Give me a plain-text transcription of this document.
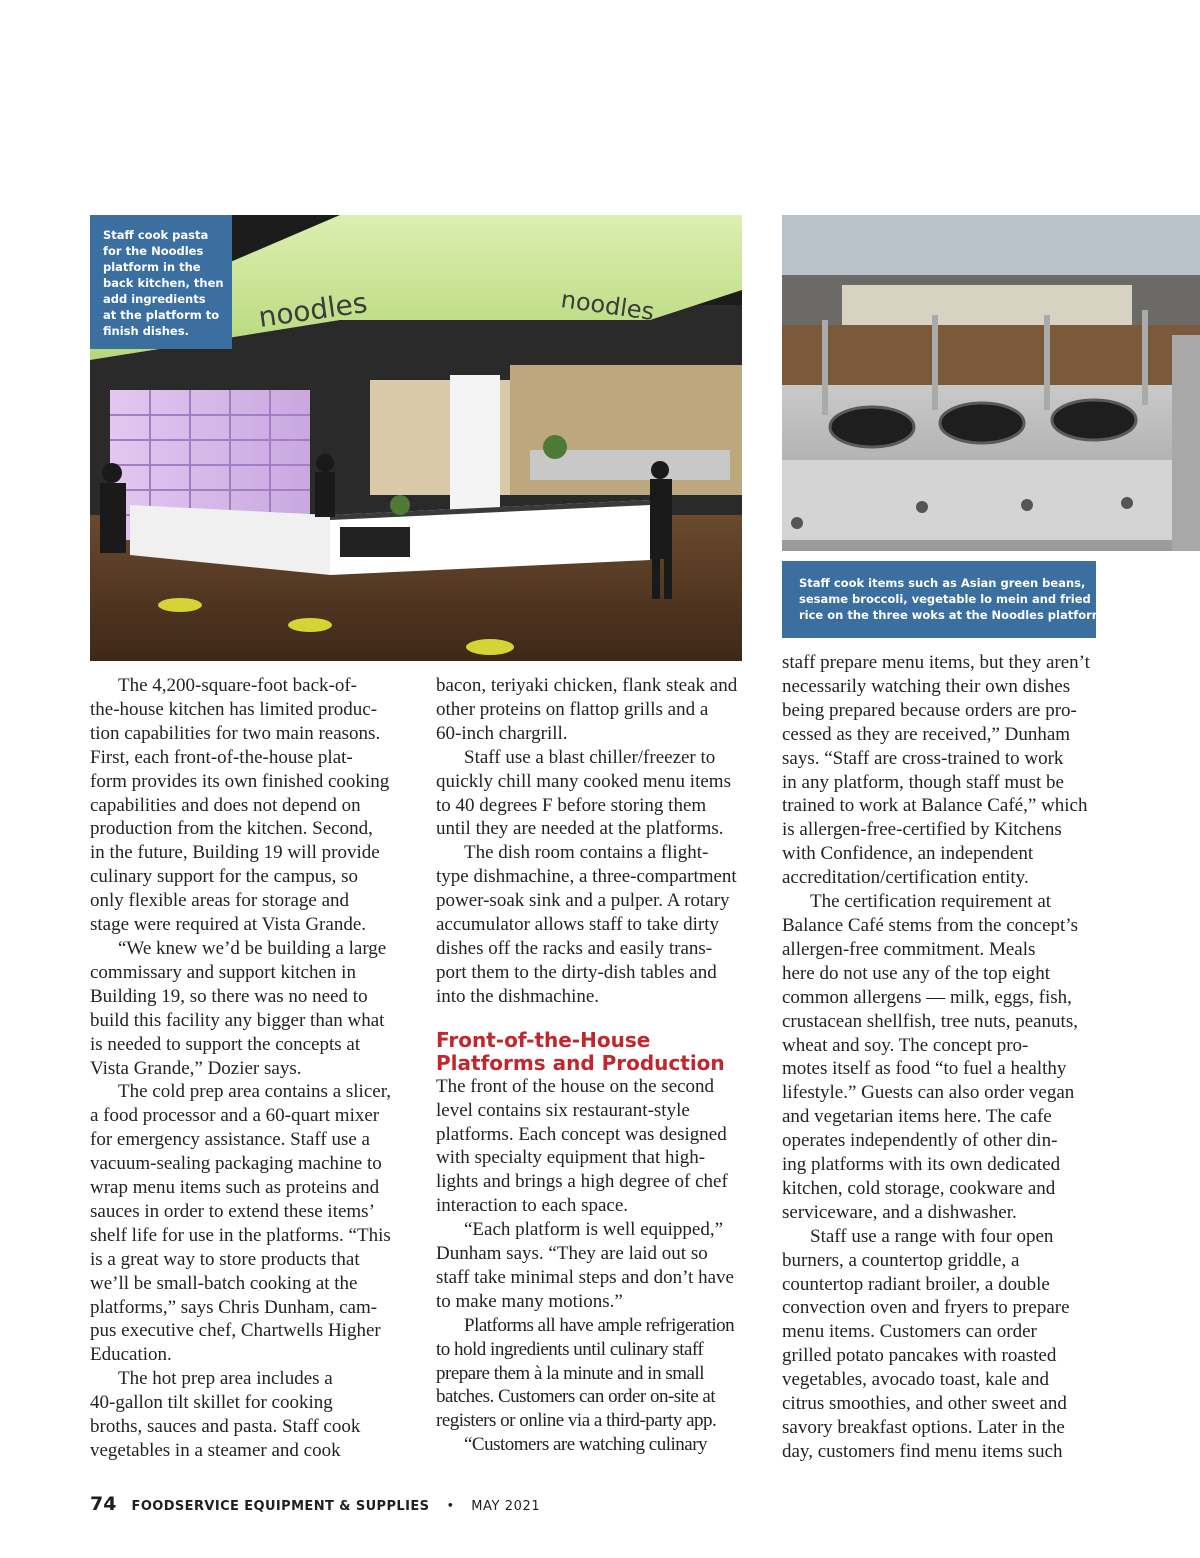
noodles	noodles
Staff cook pasta
for the Noodles
platform in the
back kitchen, then
add ingredients
at the platform to
finish dishes.
Staff cook items such as Asian green beans,
sesame broccoli, vegetable lo mein and fried
rice on the three woks at the Noodles platform.
The 4,200-square-foot back-of-
the-house kitchen has limited produc-
tion capabilities for two main reasons.
First, each front-of-the-house plat-
form provides its own finished cooking
capabilities and does not depend on
production from the kitchen. Second,
in the future, Building 19 will provide
culinary support for the campus, so
only flexible areas for storage and
stage were required at Vista Grande.
“We knew we’d be building a large
commissary and support kitchen in
Building 19, so there was no need to
build this facility any bigger than what
is needed to support the concepts at
Vista Grande,” Dozier says.
The cold prep area contains a slicer,
a food processor and a 60-quart mixer
for emergency assistance. Staff use a
vacuum-sealing packaging machine to
wrap menu items such as proteins and
sauces in order to extend these items’
shelf life for use in the platforms. “This
is a great way to store products that
we’ll be small-batch cooking at the
platforms,” says Chris Dunham, cam-
pus executive chef, Chartwells Higher
Education.
The hot prep area includes a
40-gallon tilt skillet for cooking
broths, sauces and pasta. Staff cook
vegetables in a steamer and cook
bacon, teriyaki chicken, flank steak and
other proteins on flattop grills and a
60-inch chargrill.
Staff use a blast chiller/freezer to
quickly chill many cooked menu items
to 40 degrees F before storing them
until they are needed at the platforms.
The dish room contains a flight-
type dishmachine, a three-compartment
power-soak sink and a pulper. A rotary
accumulator allows staff to take dirty
dishes off the racks and easily trans-
port them to the dirty-dish tables and
into the dishmachine.
Front-of-the-House
Platforms and Production
The front of the house on the second
level contains six restaurant-style
platforms. Each concept was designed
with specialty equipment that high-
lights and brings a high degree of chef
interaction to each space.
“Each platform is well equipped,”
Dunham says. “They are laid out so
staff take minimal steps and don’t have
to make many motions.”
Platforms all have ample refrigeration
to hold ingredients until culinary staff
prepare them à la minute and in small
batches. Customers can order on-site at
registers or online via a third-party app.
“Customers are watching culinary
staff prepare menu items, but they aren’t
necessarily watching their own dishes
being prepared because orders are pro-
cessed as they are received,” Dunham
says. “Staff are cross-trained to work
in any platform, though staff must be
trained to work at Balance Café,” which
is allergen-free-certified by Kitchens
with Confidence, an independent
accreditation/certification entity.
The certification requirement at
Balance Café stems from the concept’s
allergen-free commitment. Meals
here do not use any of the top eight
common allergens — milk, eggs, fish,
crustacean shellfish, tree nuts, peanuts,
wheat and soy. The concept pro-
motes itself as food “to fuel a healthy
lifestyle.” Guests can also order vegan
and vegetarian items here. The cafe
operates independently of other din-
ing platforms with its own dedicated
kitchen, cold storage, cookware and
serviceware, and a dishwasher.
Staff use a range with four open
burners, a countertop griddle, a
countertop radiant broiler, a double
convection oven and fryers to prepare
menu items. Customers can order
grilled potato pancakes with roasted
vegetables, avocado toast, kale and
citrus smoothies, and other sweet and
savory breakfast options. Later in the
day, customers find menu items such
74 FOODSERVICE EQUIPMENT & SUPPLIES • MAY 2021
